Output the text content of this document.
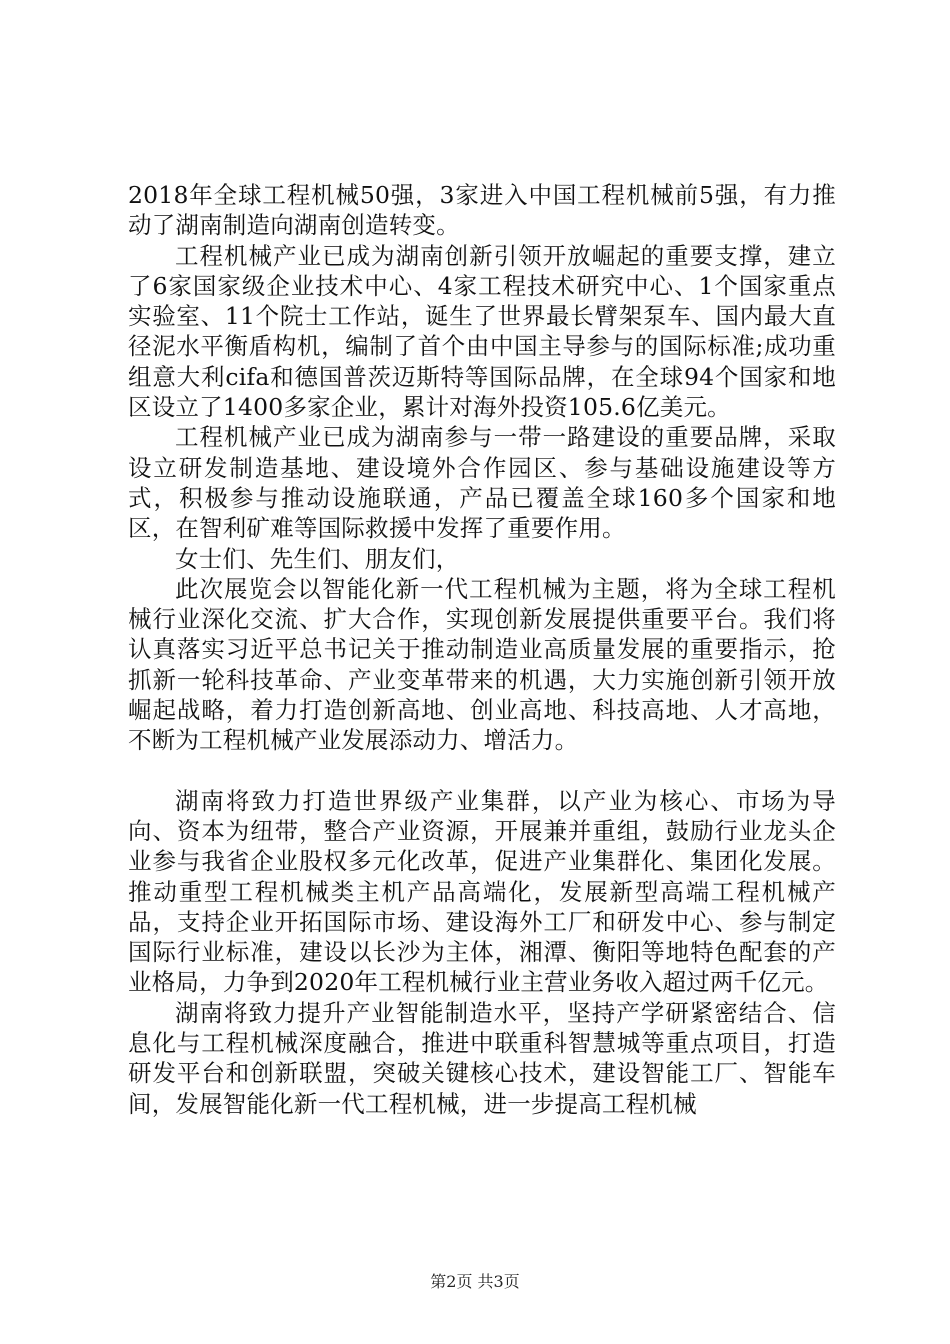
2018年全球工程机械50强，3家进入中国工程机械前5强，有力推动了湖南制造向湖南创造转变。

工程机械产业已成为湖南创新引领开放崛起的重要支撑，建立了6家国家级企业技术中心、4家工程技术研究中心、1个国家重点实验室、11个院士工作站，诞生了世界最长臂架泵车、国内最大直径泥水平衡盾构机，编制了首个由中国主导参与的国际标准;成功重组意大利cifa和德国普茨迈斯特等国际品牌，在全球94个国家和地区设立了1400多家企业，累计对海外投资105.6亿美元。

工程机械产业已成为湖南参与一带一路建设的重要品牌，采取设立研发制造基地、建设境外合作园区、参与基础设施建设等方式，积极参与推动设施联通，产品已覆盖全球160多个国家和地区，在智利矿难等国际救援中发挥了重要作用。

女士们、先生们、朋友们，

此次展览会以智能化新一代工程机械为主题，将为全球工程机械行业深化交流、扩大合作，实现创新发展提供重要平台。我们将认真落实习近平总书记关于推动制造业高质量发展的重要指示，抢抓新一轮科技革命、产业变革带来的机遇，大力实施创新引领开放崛起战略，着力打造创新高地、创业高地、科技高地、人才高地，不断为工程机械产业发展添动力、增活力。

湖南将致力打造世界级产业集群，以产业为核心、市场为导向、资本为纽带，整合产业资源，开展兼并重组，鼓励行业龙头企业参与我省企业股权多元化改革，促进产业集群化、集团化发展。推动重型工程机械类主机产品高端化，发展新型高端工程机械产品，支持企业开拓国际市场、建设海外工厂和研发中心、参与制定国际行业标准，建设以长沙为主体，湘潭、衡阳等地特色配套的产业格局，力争到2020年工程机械行业主营业务收入超过两千亿元。

湖南将致力提升产业智能制造水平，坚持产学研紧密结合、信息化与工程机械深度融合，推进中联重科智慧城等重点项目，打造研发平台和创新联盟，突破关键核心技术，建设智能工厂、智能车间，发展智能化新一代工程机械，进一步提高工程机械

第2页 共3页
